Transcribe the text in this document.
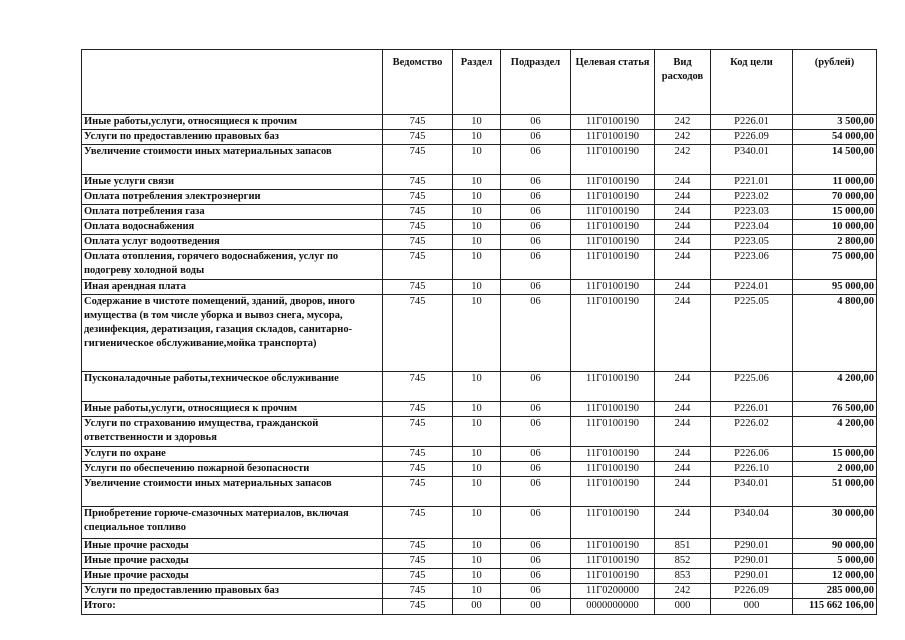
	Ведомство	Раздел	Подраздел	Целевая статья	Вид расходов	Код цели	(рублей)
Иные работы,услуги, относящиеся к прочим	745	10	06	11Г0100190	242	P226.01	3 500,00
Услуги по предоставлению правовых баз	745	10	06	11Г0100190	242	P226.09	54 000,00
Увеличение стоимости иных материальных запасов	745	10	06	11Г0100190	242	P340.01	14 500,00
Иные услуги связи	745	10	06	11Г0100190	244	P221.01	11 000,00
Оплата потребления электроэнергии	745	10	06	11Г0100190	244	P223.02	70 000,00
Оплата потребления газа	745	10	06	11Г0100190	244	P223.03	15 000,00
Оплата водоснабжения	745	10	06	11Г0100190	244	P223.04	10 000,00
Оплата услуг водоотведения	745	10	06	11Г0100190	244	P223.05	2 800,00
Оплата отопления, горячего водоснабжения, услуг по подогреву холодной воды	745	10	06	11Г0100190	244	P223.06	75 000,00
Иная арендная плата	745	10	06	11Г0100190	244	P224.01	95 000,00
Содержание в чистоте помещений, зданий, дворов, иного имущества (в том числе уборка и вывоз снега, мусора, дезинфекция, дератизация, газация складов, санитарно-гигиеническое обслуживание,мойка транспорта)	745	10	06	11Г0100190	244	P225.05	4 800,00
Пусконаладочные работы,техническое обслуживание	745	10	06	11Г0100190	244	P225.06	4 200,00
Иные работы,услуги, относящиеся к прочим	745	10	06	11Г0100190	244	P226.01	76 500,00
Услуги по страхованию имущества, гражданской ответственности и здоровья	745	10	06	11Г0100190	244	P226.02	4 200,00
Услуги по охране	745	10	06	11Г0100190	244	P226.06	15 000,00
Услуги по обеспечению пожарной безопасности	745	10	06	11Г0100190	244	P226.10	2 000,00
Увеличение стоимости иных материальных запасов	745	10	06	11Г0100190	244	P340.01	51 000,00
Приобретение горюче-смазочных материалов, включая специальное топливо	745	10	06	11Г0100190	244	P340.04	30 000,00
Иные прочие расходы	745	10	06	11Г0100190	851	P290.01	90 000,00
Иные прочие расходы	745	10	06	11Г0100190	852	P290.01	5 000,00
Иные прочие расходы	745	10	06	11Г0100190	853	P290.01	12 000,00
Услуги по предоставлению правовых баз	745	10	06	11Г0200000	242	P226.09	285 000,00
Итого:	745	00	00	0000000000	000	000	115 662 106,00
